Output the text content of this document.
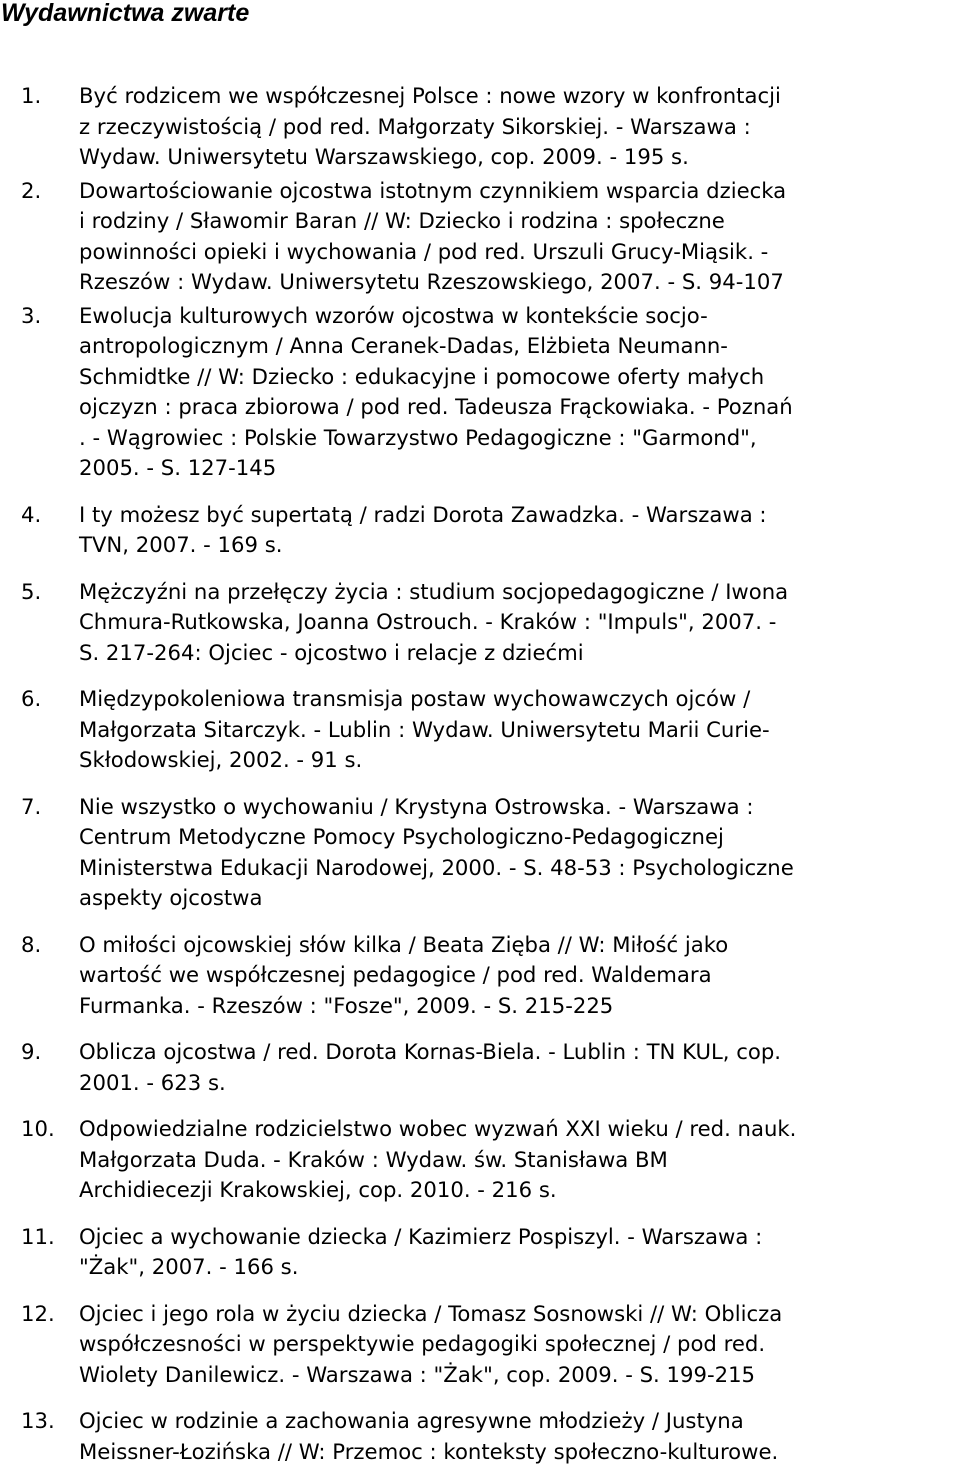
Wydawnictwa zwarte
1. Być rodzicem we współczesnej Polsce : nowe wzory w konfrontacji
z rzeczywistością / pod red. Małgorzaty Sikorskiej. - Warszawa :
Wydaw. Uniwersytetu Warszawskiego, cop. 2009. - 195 s.
2. Dowartościowanie ojcostwa istotnym czynnikiem wsparcia dziecka
i rodziny / Sławomir Baran // W: Dziecko i rodzina : społeczne
powinności opieki i wychowania / pod red. Urszuli Grucy-Miąsik. -
Rzeszów : Wydaw. Uniwersytetu Rzeszowskiego, 2007. - S. 94-107
3. Ewolucja kulturowych wzorów ojcostwa w kontekście socjo-
antropologicznym / Anna Ceranek-Dadas, Elżbieta Neumann-
Schmidtke // W: Dziecko : edukacyjne i pomocowe oferty małych
ojczyzn : praca zbiorowa / pod red. Tadeusza Frąckowiaka. - Poznań
. - Wągrowiec : Polskie Towarzystwo Pedagogiczne : "Garmond",
2005. - S. 127-145
4. I ty możesz być supertatą / radzi Dorota Zawadzka. - Warszawa :
TVN, 2007. - 169 s.
5. Mężczyźni na przełęczy życia : studium socjopedagogiczne / Iwona
Chmura-Rutkowska, Joanna Ostrouch. - Kraków : "Impuls", 2007. -
S. 217-264: Ojciec - ojcostwo i relacje z dziećmi
6. Międzypokoleniowa transmisja postaw wychowawczych ojców /
Małgorzata Sitarczyk. - Lublin : Wydaw. Uniwersytetu Marii Curie-
Skłodowskiej, 2002. - 91 s.
7. Nie wszystko o wychowaniu / Krystyna Ostrowska. - Warszawa :
Centrum Metodyczne Pomocy Psychologiczno-Pedagogicznej
Ministerstwa Edukacji Narodowej, 2000. - S. 48-53 : Psychologiczne
aspekty ojcostwa
8. O miłości ojcowskiej słów kilka / Beata Zięba // W: Miłość jako
wartość we współczesnej pedagogice / pod red. Waldemara
Furmanka. - Rzeszów : "Fosze", 2009. - S. 215-225
9. Oblicza ojcostwa / red. Dorota Kornas-Biela. - Lublin : TN KUL, cop.
2001. - 623 s.
10. Odpowiedzialne rodzicielstwo wobec wyzwań XXI wieku / red. nauk.
Małgorzata Duda. - Kraków : Wydaw. św. Stanisława BM
Archidiecezji Krakowskiej, cop. 2010. - 216 s.
11. Ojciec a wychowanie dziecka / Kazimierz Pospiszyl. - Warszawa :
"Żak", 2007. - 166 s.
12. Ojciec i jego rola w życiu dziecka / Tomasz Sosnowski // W: Oblicza
współczesności w perspektywie pedagogiki społecznej / pod red.
Wiolety Danilewicz. - Warszawa : "Żak", cop. 2009. - S. 199-215
13. Ojciec w rodzinie a zachowania agresywne młodzieży / Justyna
Meissner-Łozińska // W: Przemoc : konteksty społeczno-kulturowe.
